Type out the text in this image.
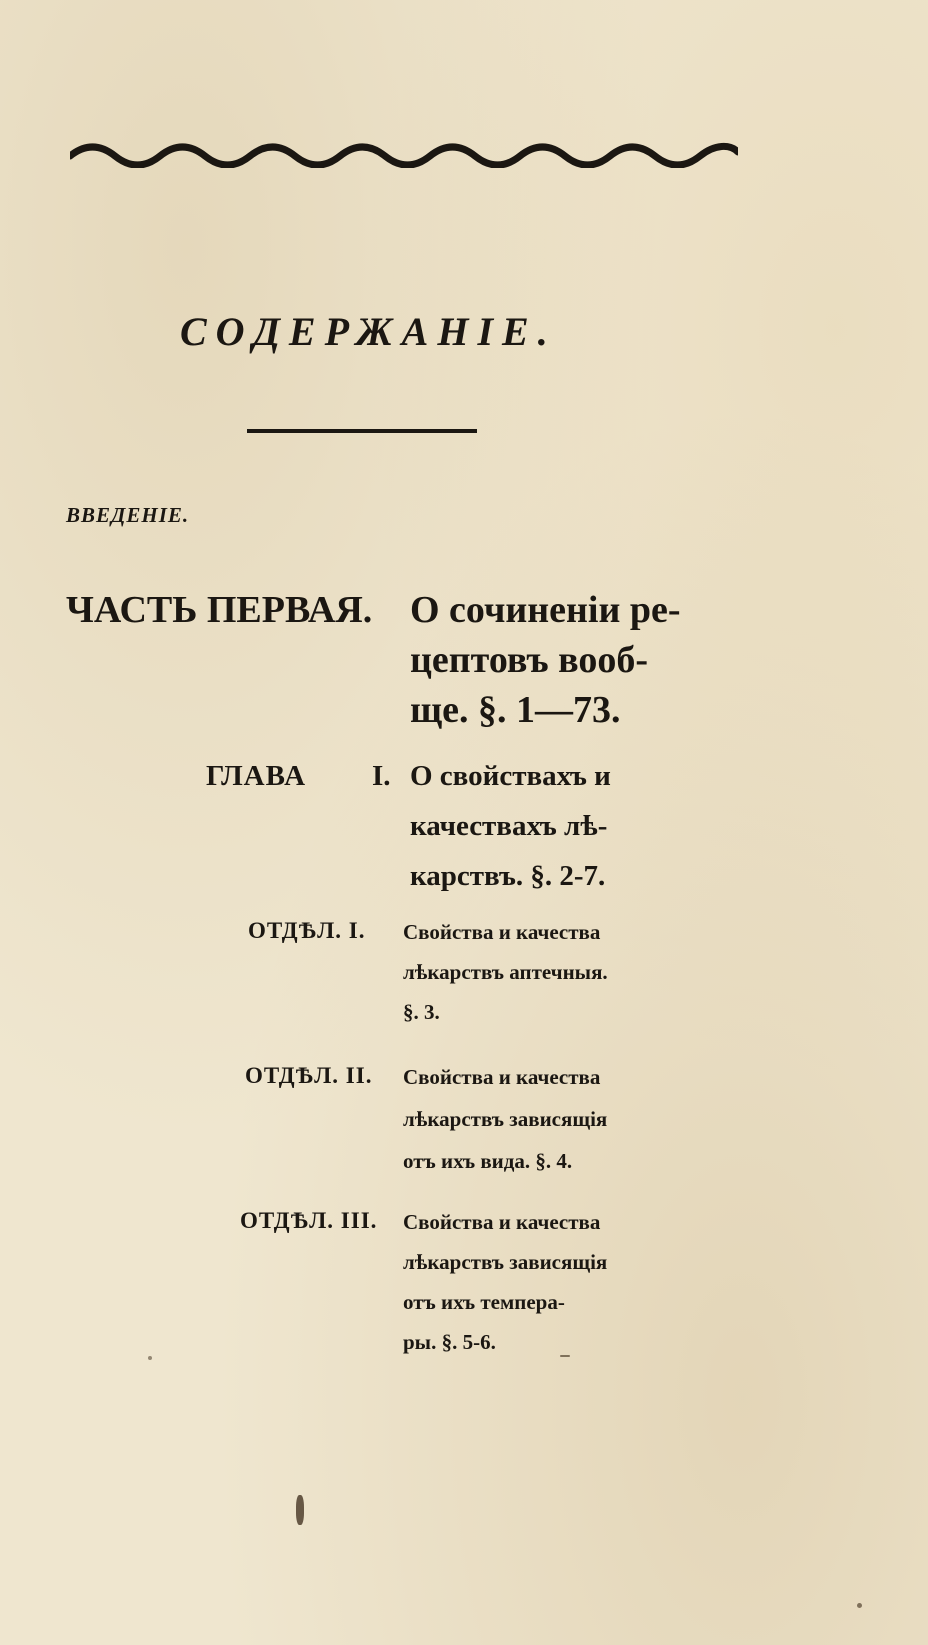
СОДЕРЖАНІЕ.
ВВЕДЕНІЕ.
ЧАСТЬ ПЕРВАЯ. О сочиненіи ре-
цептовъ вооб-
ще. §. 1—73.
ГЛАВА I. О свойствахъ и
качествахъ лѣ-
карствъ. §. 2-7.
ОТДѢЛ. I. Свойства и качества
лѣкарствъ аптечныя.
§. 3.
ОТДѢЛ. II. Свойства и качества
лѣкарствъ зависящія
отъ ихъ вида. §. 4.
ОТДѢЛ. III. Свойства и качества
лѣкарствъ зависящія
отъ ихъ темпера-
ры. §. 5-6.
